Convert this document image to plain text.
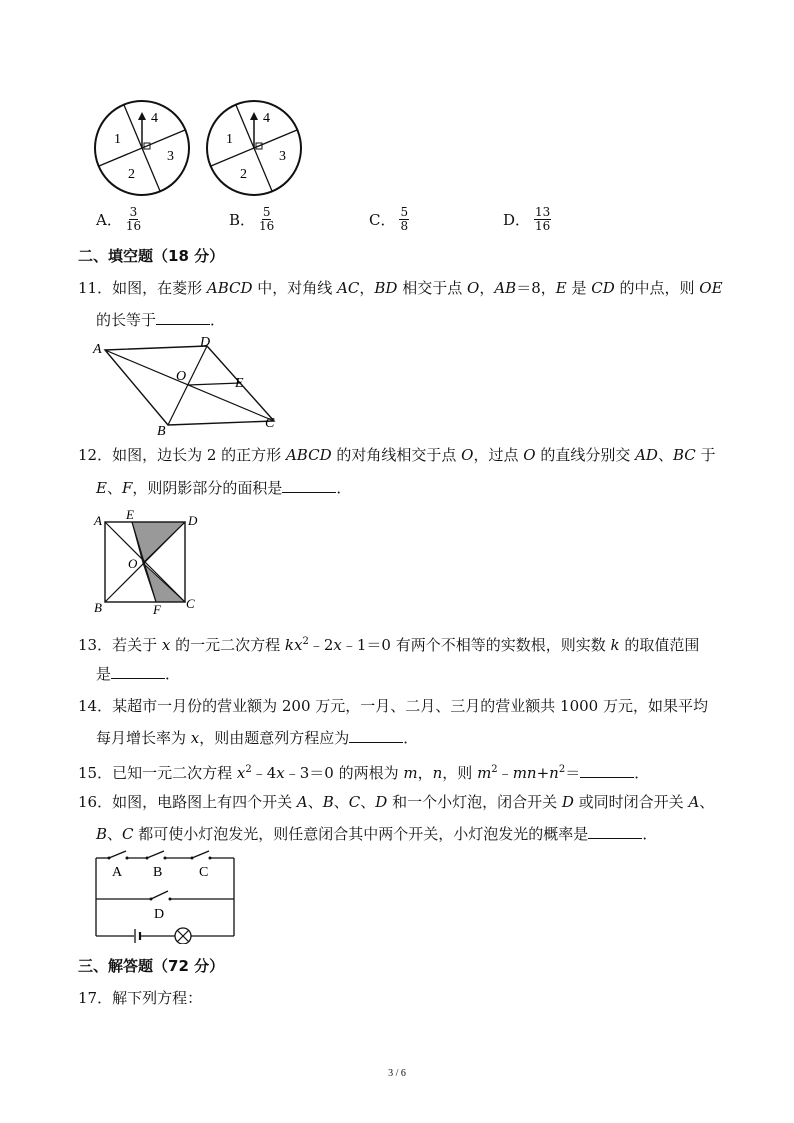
1
2
3
4
1
2
3
4
A． $\frac{3}{16}$	B． $\frac{5}{16}$	C． $\frac{5}{8}$	D． $\frac{13}{16}$
二、填空题（18 分）
11．如图，在菱形 ABCD 中，对角线 AC，BD 相交于点 O，AB＝8，E 是 CD 的中点，则 OE
的长等于	．
A	D
O	E
B
C
12．如图，边长为 2 的正方形 ABCD 的对角线相交于点 O，过点 O 的直线分别交 AD、BC 于
E、F，则阴影部分的面积是	．
A E	D
O
B	F C
13．若关于 x 的一元二次方程 $kx^2﹣2x﹣1=0$ 有两个不相等的实数根，则实数 k 的取值范围
是	．
14．某超市一月份的营业额为 200 万元，一月、二月、三月的营业额共 1000 万元，如果平均
每月增长率为 x，则由题意列方程应为	．
15．已知一元二次方程 $x^2﹣4x﹣3=0$ 的两根为 m，n，则 $m^2﹣mn+n^2=$	．
16．如图，电路图上有四个开关 A、B、C、D 和一个小灯泡，闭合开关 D 或同时闭合开关 A、
B、C 都可使小灯泡发光，则任意闭合其中两个开关，小灯泡发光的概率是	．
A B	C
D
三、解答题（72 分）
17．解下列方程：
3 / 6
